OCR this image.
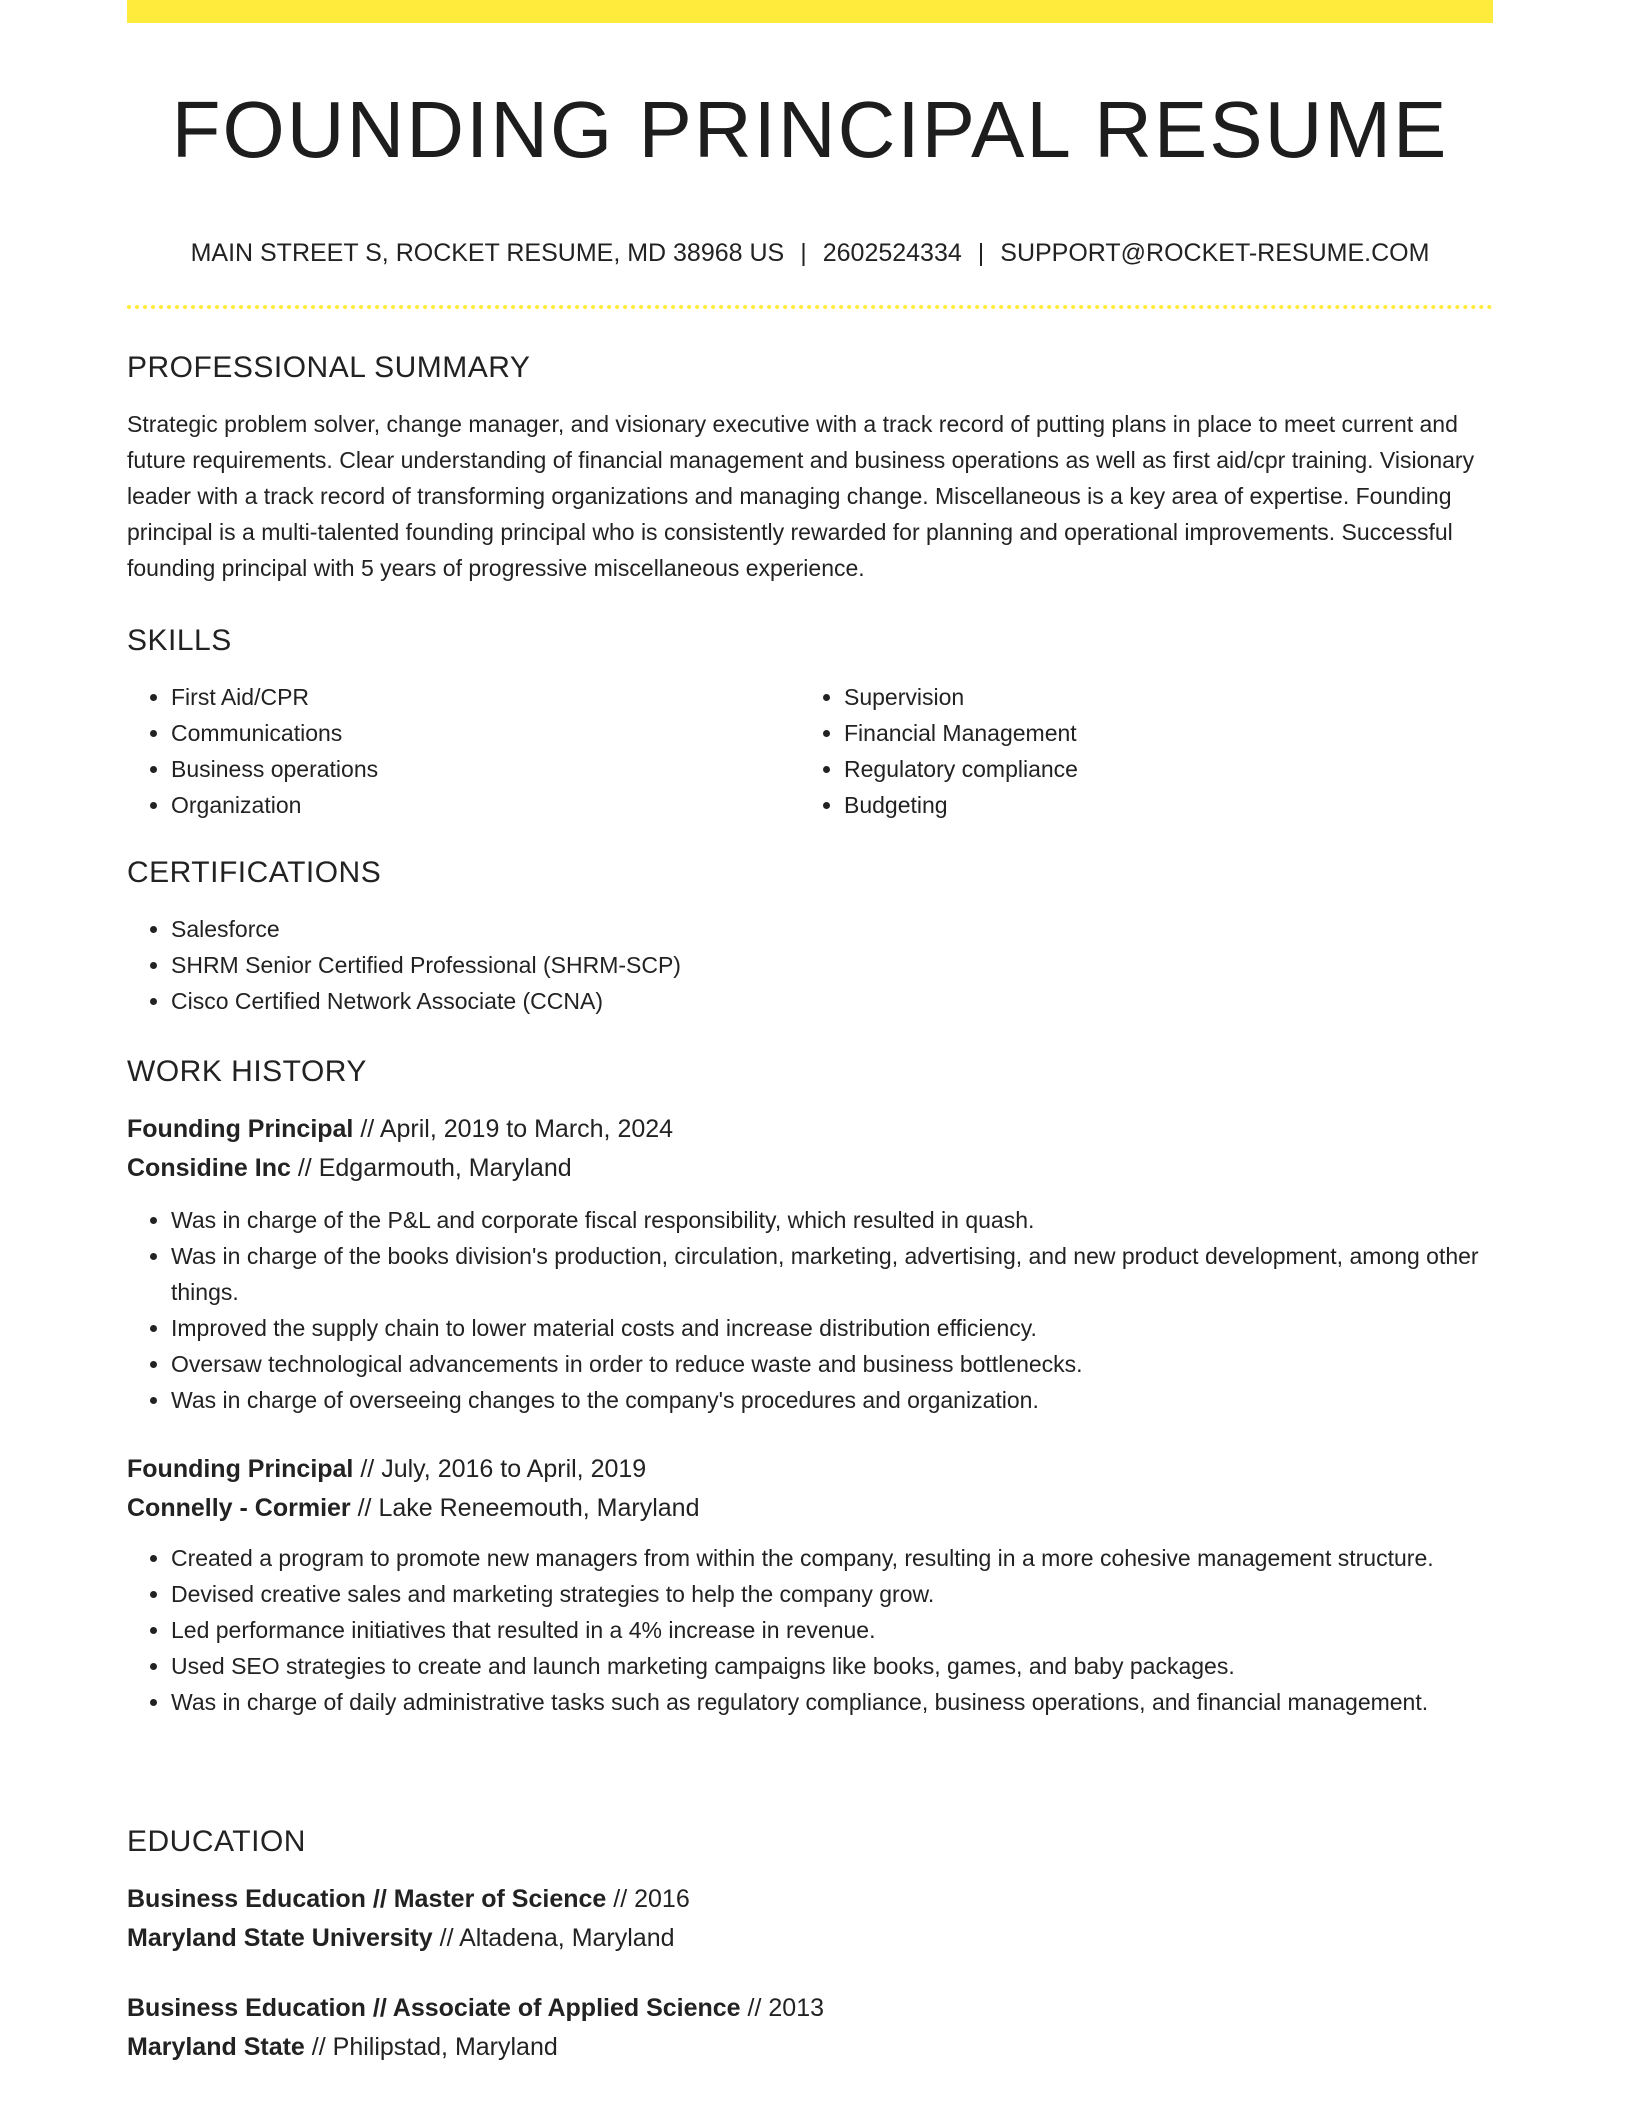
FOUNDING PRINCIPAL RESUME
MAIN STREET S, ROCKET RESUME, MD 38968 US | 2602524334 | SUPPORT@ROCKET-RESUME.COM
PROFESSIONAL SUMMARY

Strategic problem solver, change manager, and visionary executive with a track record of putting plans in place to meet current and future requirements. Clear understanding of financial management and business operations as well as first aid/cpr training. Visionary leader with a track record of transforming organizations and managing change. Miscellaneous is a key area of expertise. Founding principal is a multi-talented founding principal who is consistently rewarded for planning and operational improvements. Successful founding principal with 5 years of progressive miscellaneous experience.

SKILLS
• First Aid/CPR
• Communications
• Business operations
• Organization
• Supervision
• Financial Management
• Regulatory compliance
• Budgeting
CERTIFICATIONS
• Salesforce
• SHRM Senior Certified Professional (SHRM-SCP)
• Cisco Certified Network Associate (CCNA)
WORK HISTORY
Founding Principal // April, 2019 to March, 2024
Considine Inc // Edgarmouth, Maryland
• Was in charge of the P&L and corporate fiscal responsibility, which resulted in quash.
• Was in charge of the books division's production, circulation, marketing, advertising, and new product development, among other things.
• Improved the supply chain to lower material costs and increase distribution efficiency.
• Oversaw technological advancements in order to reduce waste and business bottlenecks.
• Was in charge of overseeing changes to the company's procedures and organization.
Founding Principal // July, 2016 to April, 2019
Connelly - Cormier // Lake Reneemouth, Maryland
• Created a program to promote new managers from within the company, resulting in a more cohesive management structure.
• Devised creative sales and marketing strategies to help the company grow.
• Led performance initiatives that resulted in a 4% increase in revenue.
• Used SEO strategies to create and launch marketing campaigns like books, games, and baby packages.
• Was in charge of daily administrative tasks such as regulatory compliance, business operations, and financial management.
EDUCATION
Business Education // Master of Science // 2016
Maryland State University // Altadena, Maryland
Business Education // Associate of Applied Science // 2013
Maryland State // Philipstad, Maryland
